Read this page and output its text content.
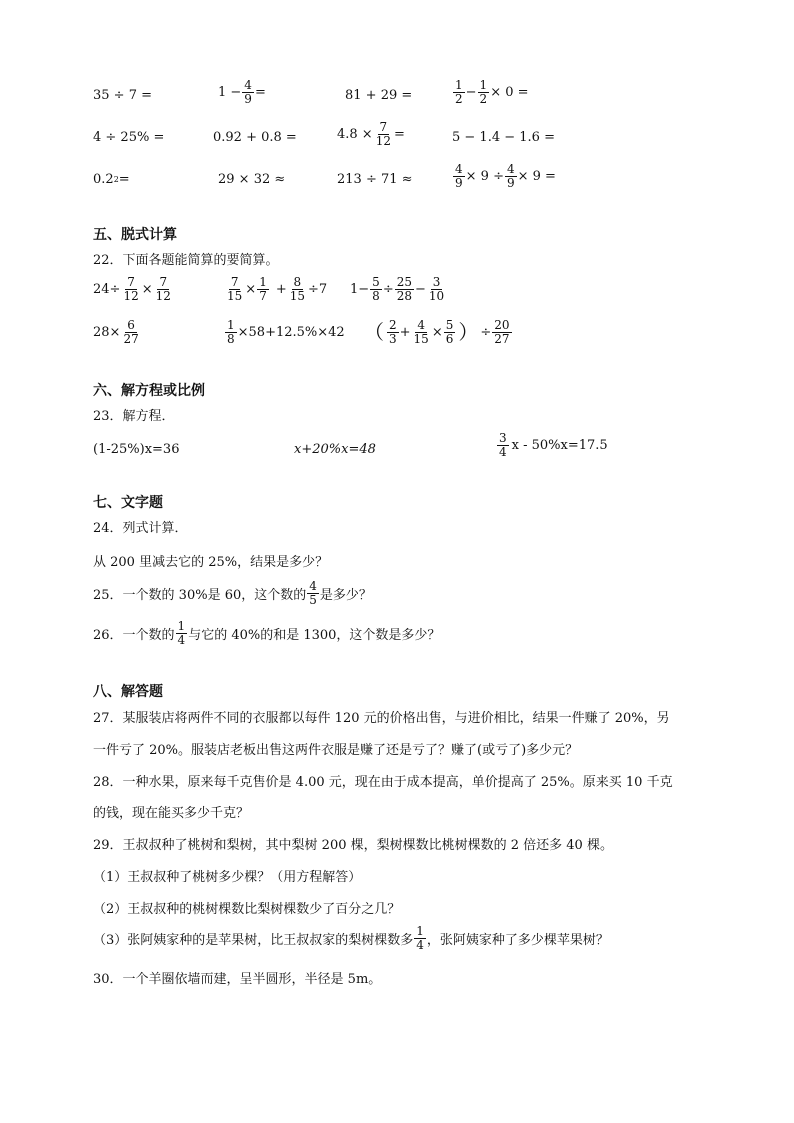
35 ÷ 7 =	$1 - \frac{4}{9}$ =	81 + 29 =	$\frac{1}{2} - \frac{1}{2} \times 0$ =
4 ÷ 25% =	0.92 + 0.8 =	$4.8 \times \frac{7}{12}$ =	5 − 1.4 − 1.6 =
0.2 2 =	29 × 32 ≈	213 ÷ 71 ≈	$\frac{4}{9} \times 9 \div \frac{4}{9} \times 9$ =
五、脱式计算
22．下面各题能简算的要简算。
$24\div \frac{7}{12} \times \frac{7}{12}$	$\frac{7}{15} \times \frac{1}{7} + \frac{8}{15} \div 7$ $1- \frac{5}{8} \div \frac{25}{28} - \frac{3}{10}$
$28\times \frac{6}{27}$	$\frac{1}{8} \times 58+12.5\%\times 42$ （ $\frac{2}{3} + \frac{4}{15} \times \frac{5}{6}$ ） ÷ $\frac{20}{27}$
六、解方程或比例
23．解方程．
(1-25%)x=36	x+20%x=48	$\frac{3}{4}$ x - 50%x=17.5
七、文字题
24．列式计算．
从 200 里减去它的 25%，结果是多少？
25．一个数的 30%是 60，这个数的 $\frac{4}{5}$ 是多少？
26．一个数的 $\frac{1}{4}$ 与它的 40%的和是 1300，这个数是多少？
八、解答题
27．某服装店将两件不同的衣服都以每件 120 元的价格出售，与进价相比，结果一件赚了 20%，另
一件亏了 20%。服装店老板出售这两件衣服是赚了还是亏了？赚了(或亏了)多少元？
28．一种水果，原来每千克售价是 4.00 元，现在由于成本提高，单价提高了 25%。原来买 10 千克
的钱，现在能买多少千克？
29．王叔叔种了桃树和梨树，其中梨树 200 棵，梨树棵数比桃树棵数的 2 倍还多 40 棵。
（1）王叔叔种了桃树多少棵？（用方程解答）
（2）王叔叔种的桃树棵数比梨树棵数少了百分之几？
（3）张阿姨家种的是苹果树，比王叔叔家的梨树棵数多 $\frac{1}{4}$ ，张阿姨家种了多少棵苹果树？
30．一个羊圈依墙而建，呈半圆形，半径是 5m。
